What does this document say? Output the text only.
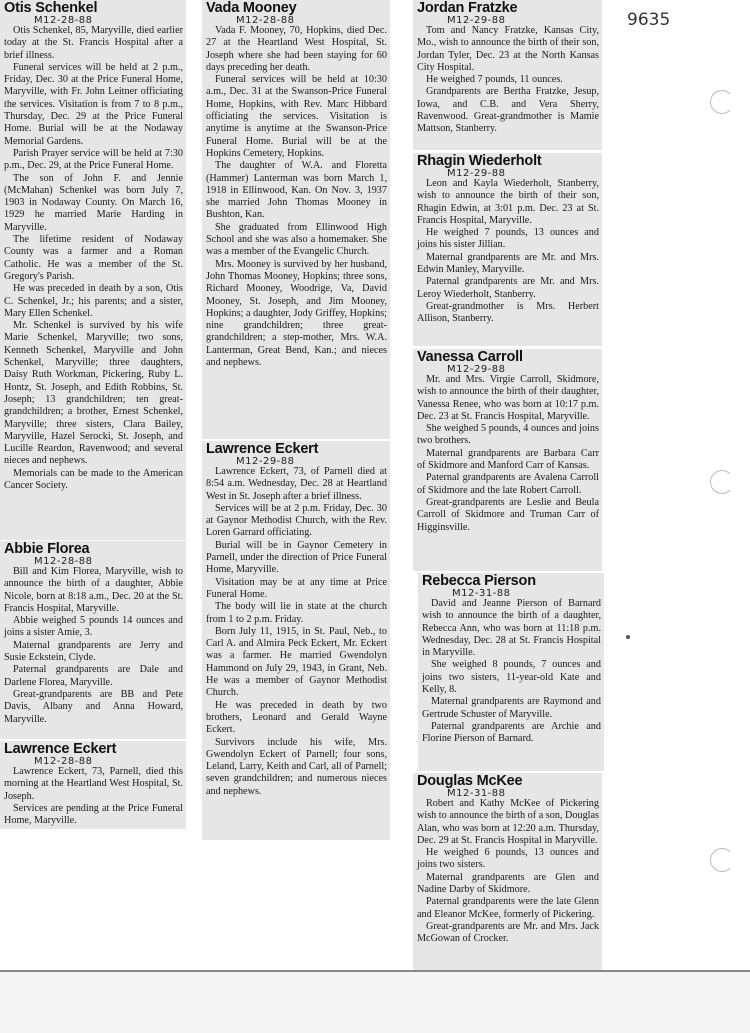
9635
Otis Schenkel
M12-28-88

Otis Schenkel, 85, Maryville, died earlier today at the St. Francis Hospital after a brief illness.

Funeral services will be held at 2 p.m., Friday, Dec. 30 at the Price Funeral Home, Maryville, with Fr. John Leitner officiating the services. Visitation is from 7 to 8 p.m., Thursday, Dec. 29 at the Price Funeral Home. Burial will be at the Nodaway Memorial Gardens.

Parish Prayer service will be held at 7:30 p.m., Dec. 29, at the Price Funeral Home.

The son of John F. and Jennie (McMahan) Schenkel was born July 7, 1903 in Nodaway County. On March 16, 1929 he married Marie Harding in Maryville.

The lifetime resident of Nodaway County was a farmer and a Roman Catholic. He was a member of the St. Gregory's Parish.

He was preceded in death by a son, Otis C. Schenkel, Jr.; his parents; and a sister, Mary Ellen Schenkel.

Mr. Schenkel is survived by his wife Marie Schenkel, Maryville; two sons, Kenneth Schenkel, Maryville and John Schenkel, Maryville; three daughters, Daisy Ruth Workman, Pickering, Ruby L. Hontz, St. Joseph, and Edith Robbins, St. Joseph; 13 grandchildren; ten great-grandchildren; a brother, Ernest Schenkel, Maryville; three sisters, Clara Bailey, Maryville, Hazel Serocki, St. Joseph, and Lucille Reardon, Ravenwood; and several nieces and nephews.

Memorials can be made to the American Cancer Society.

Abbie Florea
M12-28-88

Bill and Kim Florea, Maryville, wish to announce the birth of a daughter, Abbie Nicole, born at 8:18 a.m., Dec. 20 at the St. Francis Hospital, Maryville.

Abbie weighed 5 pounds 14 ounces and joins a sister Amie, 3.

Maternal grandparents are Jerry and Susie Eckstein, Clyde.

Paternal grandparents are Dale and Darlene Florea, Maryville.

Great-grandparents are BB and Pete Davis, Albany and Anna Howard, Maryville.

Lawrence Eckert
M12-28-88

Lawrence Eckert, 73, Parnell, died this morning at the Heartland West Hospital, St. Joseph.

Services are pending at the Price Funeral Home, Maryville.

Vada Mooney
M12-28-88

Vada F. Mooney, 70, Hopkins, died Dec. 27 at the Heartland West Hospital, St. Joseph where she had been staying for 60 days preceding her death.

Funeral services will be held at 10:30 a.m., Dec. 31 at the Swanson-Price Funeral Home, Hopkins, with Rev. Marc Hibbard officiating the services. Visitation is anytime is anytime at the Swanson-Price Funeral Home. Burial will be at the Hopkins Cemetery, Hopkins.

The daughter of W.A. and Floretta (Hammer) Lanterman was born March 1, 1918 in Ellinwood, Kan. On Nov. 3, 1937 she married John Thomas Mooney in Bushton, Kan.

She graduated from Ellinwood High School and she was also a homemaker. She was a member of the Evangelic Church.

Mrs. Mooney is survived by her husband, John Thomas Mooney, Hopkins; three sons, Richard Mooney, Woodrige, Va, David Mooney, St. Joseph, and Jim Mooney, Hopkins; a daughter, Jody Griffey, Hopkins; nine grandchildren; three great-grandchildren; a step-mother, Mrs. W.A. Lanterman, Great Bend, Kan.; and nieces and nephews.

Lawrence Eckert
M12-29-88

Lawrence Eckert, 73, of Parnell died at 8:54 a.m. Wednesday, Dec. 28 at Heartland West in St. Joseph after a brief illness.

Services will be at 2 p.m. Friday, Dec. 30 at Gaynor Methodist Church, with the Rev. Loren Garrard officiating.

Burial will be in Gaynor Cemetery in Parnell, under the direction of Price Funeral Home, Maryville.

Visitation may be at any time at Price Funeral Home.

The body will lie in state at the church from 1 to 2 p.m. Friday.

Born July 11, 1915, in St. Paul, Neb., to Carl A. and Almira Peck Eckert, Mr. Eckert was a farmer. He married Gwendolyn Hammond on July 29, 1943, in Grant, Neb. He was a member of Gaynor Methodist Church.

He was preceded in death by two brothers, Leonard and Gerald Wayne Eckert.

Survivors include his wife, Mrs. Gwendolyn Eckert of Parnell; four sons, Leland, Larry, Keith and Carl, all of Parnell; seven grandchildren; and numerous nieces and nephews.

Jordan Fratzke
M12-29-88

Tom and Nancy Fratzke, Kansas City, Mo., wish to announce the birth of their son, Jordan Tyler, Dec. 23 at the North Kansas City Hospital.

He weighed 7 pounds, 11 ounces.

Grandparents are Bertha Fratzke, Jesup, Iowa, and C.B. and Vera Sherry, Ravenwood. Great-grandmother is Mamie Mattson, Stanberry.

Rhagin Wiederholt
M12-29-88

Leon and Kayla Wiederholt, Stanberry, wish to announce the birth of their son, Rhagin Edwin, at 3:01 p.m. Dec. 23 at St. Francis Hospital, Maryville.

He weighed 7 pounds, 13 ounces and joins his sister Jillian.

Maternal grandparents are Mr. and Mrs. Edwin Manley, Maryville.

Paternal grandparents are Mr. and Mrs. Leroy Wiederholt, Stanberry.

Great-grandmother is Mrs. Herbert Allison, Stanberry.

Vanessa Carroll
M12-29-88

Mr. and Mrs. Virgie Carroll, Skidmore, wish to announce the birth of their daughter, Vanessa Renee, who was born at 10:17 p.m. Dec. 23 at St. Francis Hospital, Maryville.

She weighed 5 pounds, 4 ounces and joins two brothers.

Maternal grandparents are Barbara Carr of Skidmore and Manford Carr of Kansas.

Paternal grandparents are Avalena Carroll of Skidmore and the late Robert Carroll.

Great-grandparents are Leslie and Beula Carroll of Skidmore and Truman Carr of Higginsville.

Rebecca Pierson
M12-31-88

David and Jeanne Pierson of Barnard wish to announce the birth of a daughter, Rebecca Ann, who was born at 11:18 p.m. Wednesday, Dec. 28 at St. Francis Hospital in Maryville.

She weighed 8 pounds, 7 ounces and joins two sisters, 11-year-old Kate and Kelly, 8.

Maternal grandparents are Raymond and Gertrude Schuster of Maryville.

Paternal grandparents are Archie and Florine Pierson of Barnard.

Douglas McKee
M12-31-88

Robert and Kathy McKee of Pickering wish to announce the birth of a son, Douglas Alan, who was born at 12:20 a.m. Thursday, Dec. 29 at St. Francis Hospital in Maryville.

He weighed 6 pounds, 13 ounces and joins two sisters.

Maternal grandparents are Glen and Nadine Darby of Skidmore.

Paternal grandparents were the late Glenn and Eleanor McKee, formerly of Pickering.

Great-grandparents are Mr. and Mrs. Jack McGowan of Crocker.
